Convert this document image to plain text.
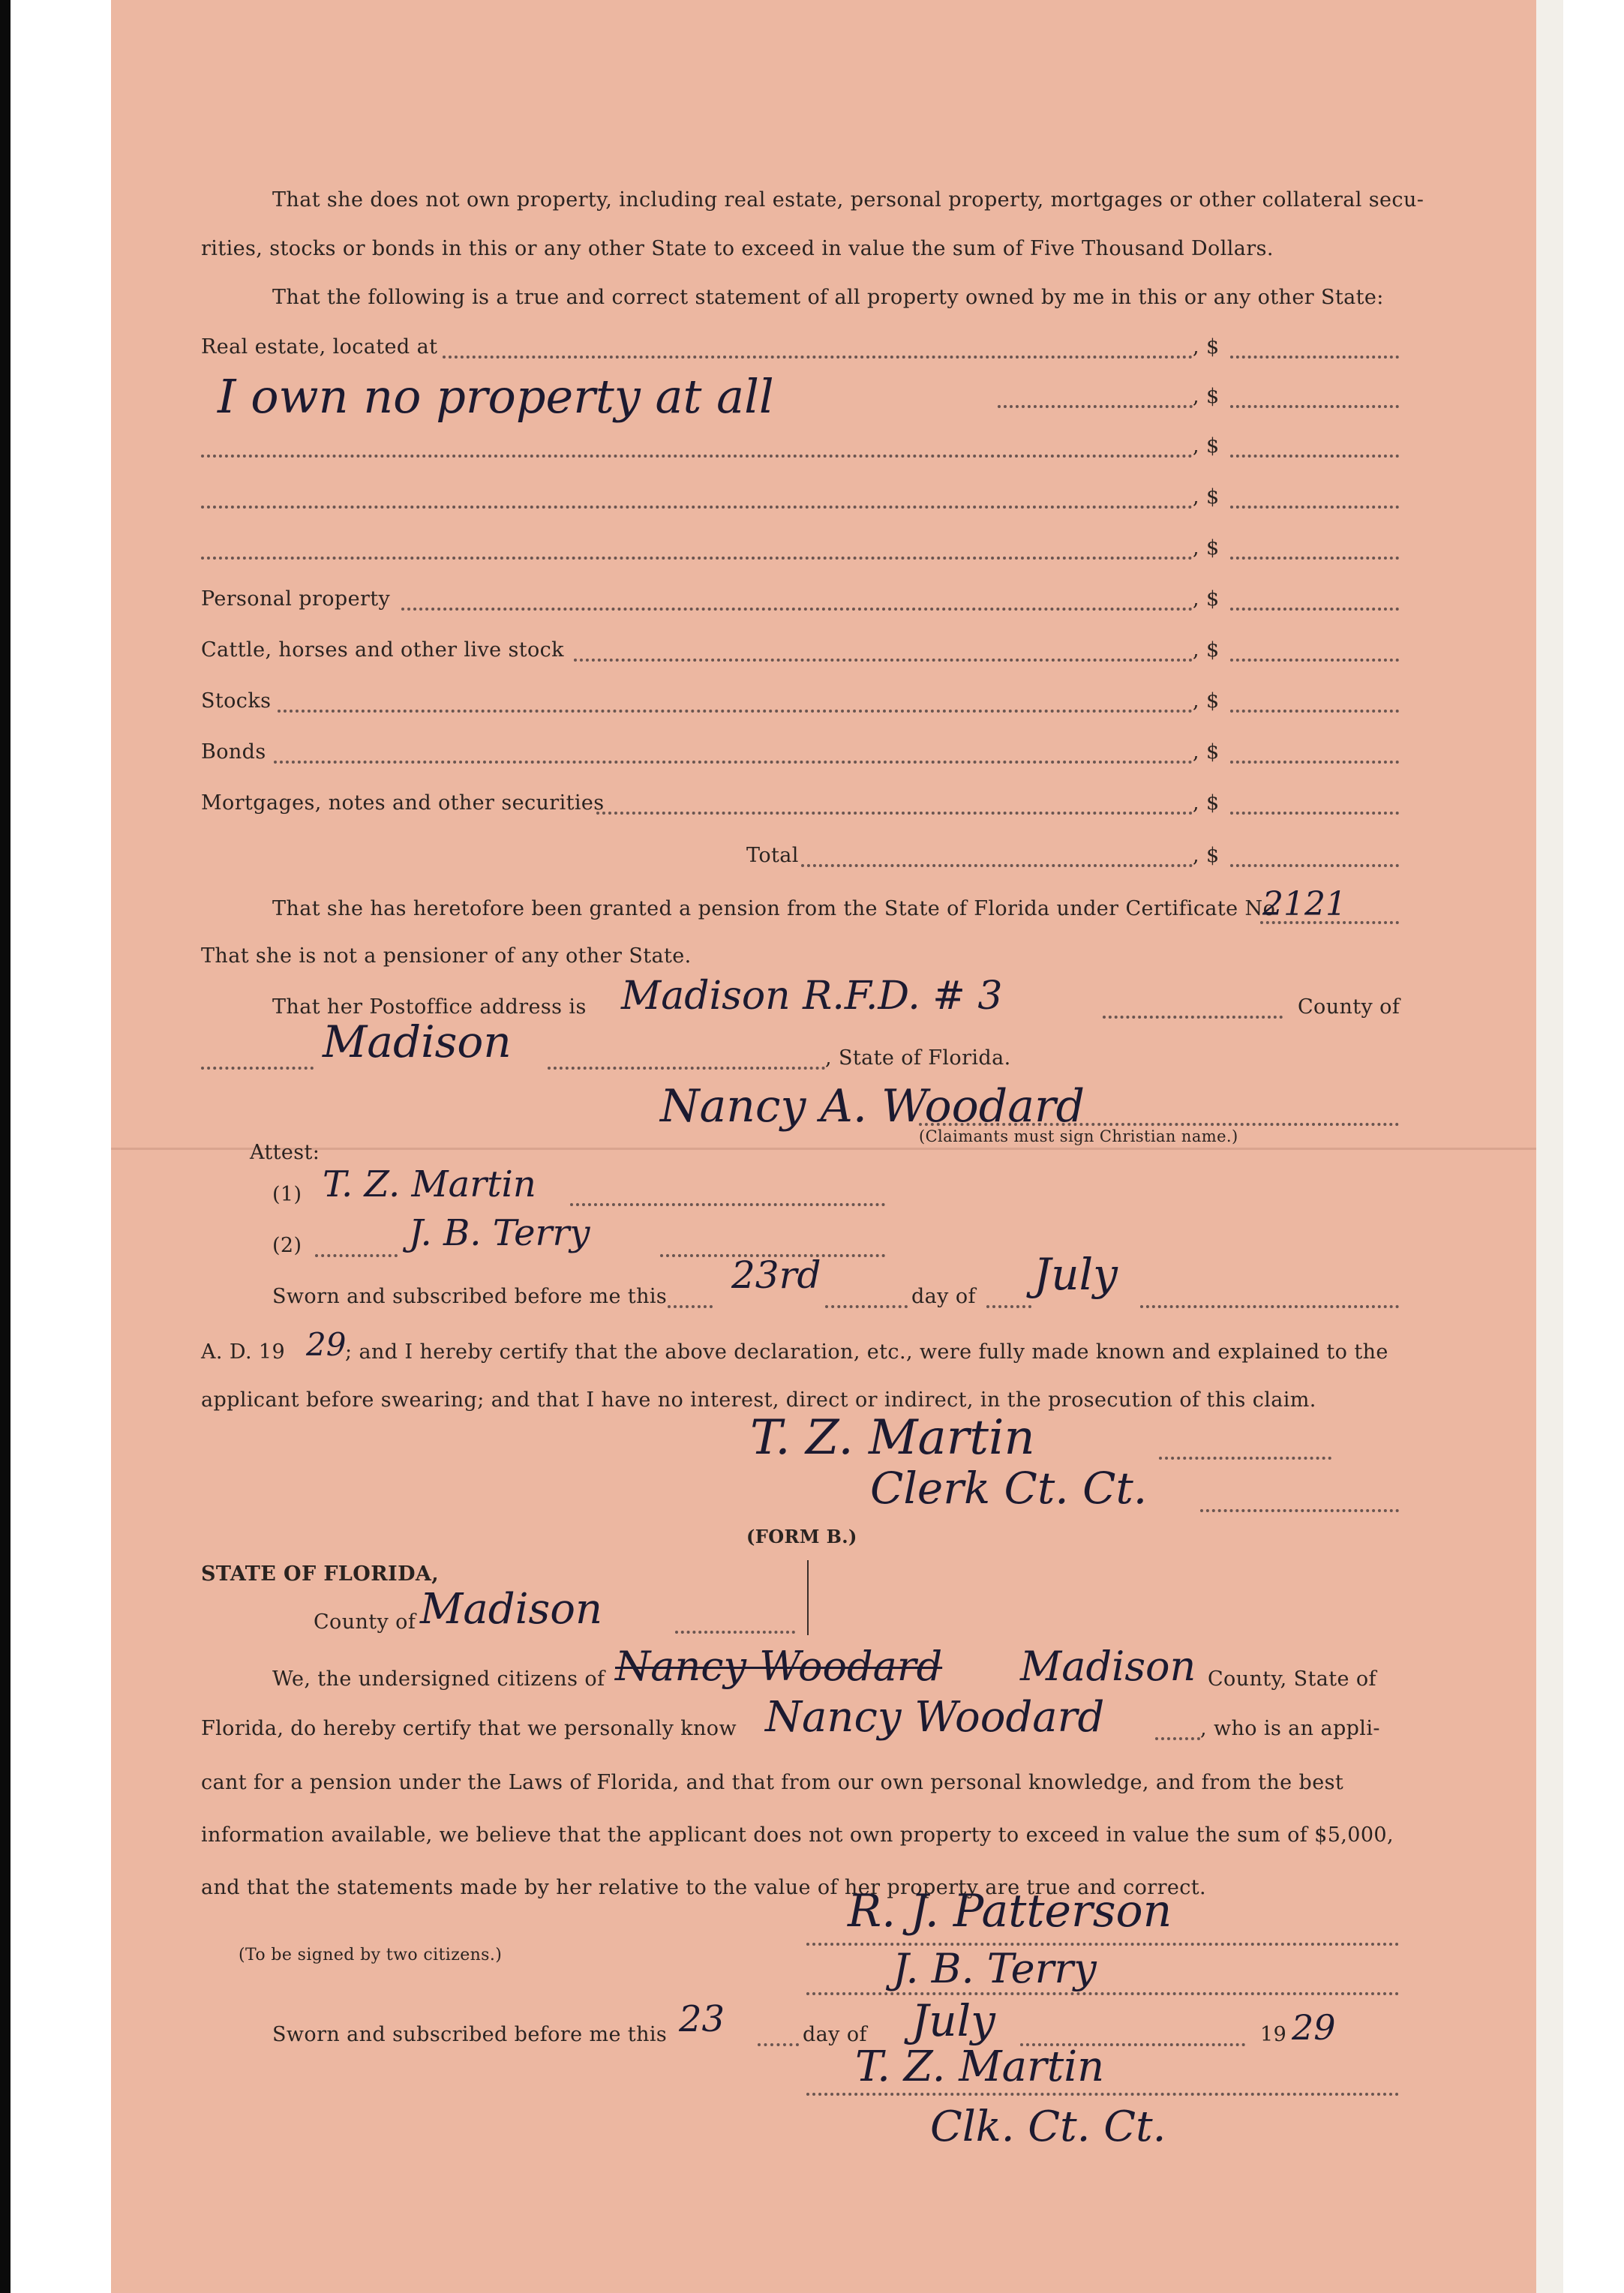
That she does not own property, including real estate, personal property, mortgages or other collateral secu-
rities, stocks or bonds in this or any other State to exceed in value the sum of Five Thousand Dollars.
That the following is a true and correct statement of all property owned by me in this or any other State:
Real estate, located at	, $
I own no property at all	, $
, $
, $
, $
Personal property	, $
Cattle, horses and other live stock	, $
Stocks	, $
Bonds	, $
Mortgages, notes and other securities	, $
Total	, $
That she has heretofore been granted a pension from the State of Florida under Certificate No
2121
That she is not a pensioner of any other State.
That her Postoffice address is Madison R.F.D. # 3	County of
Madison	, State of Florida.
Nancy A. Woodard
(Claimants must sign Christian name.)
Attest:
(1) T. Z. Martin
(2)	J. B. Terry
Sworn and subscribed before me this 23rd	day of July
A. D. 19 29
; and I hereby certify that the above declaration, etc., were fully made known and explained to the
applicant before swearing; and that I have no interest, direct or indirect, in the prosecution of this claim.
T. Z. Martin
Clerk Ct. Ct.
(FORM B.)
STATE OF FLORIDA,
County of Madison
We, the undersigned citizens of Nancy Woodard Madison County, State of
Florida, do hereby certify that we personally know Nancy Woodard	, who is an appli-
cant for a pension under the Laws of Florida, and that from our own personal knowledge, and from the best
information available, we believe that the applicant does not own property to exceed in value the sum of $5,000,
and that the statements made by her relative to the value of her property are true and correct.
R. J. Patterson
(To be signed by two citizens.)	J. B. Terry
Sworn and subscribed before me this 23	day of July	19 29
T. Z. Martin
Clk. Ct. Ct.
